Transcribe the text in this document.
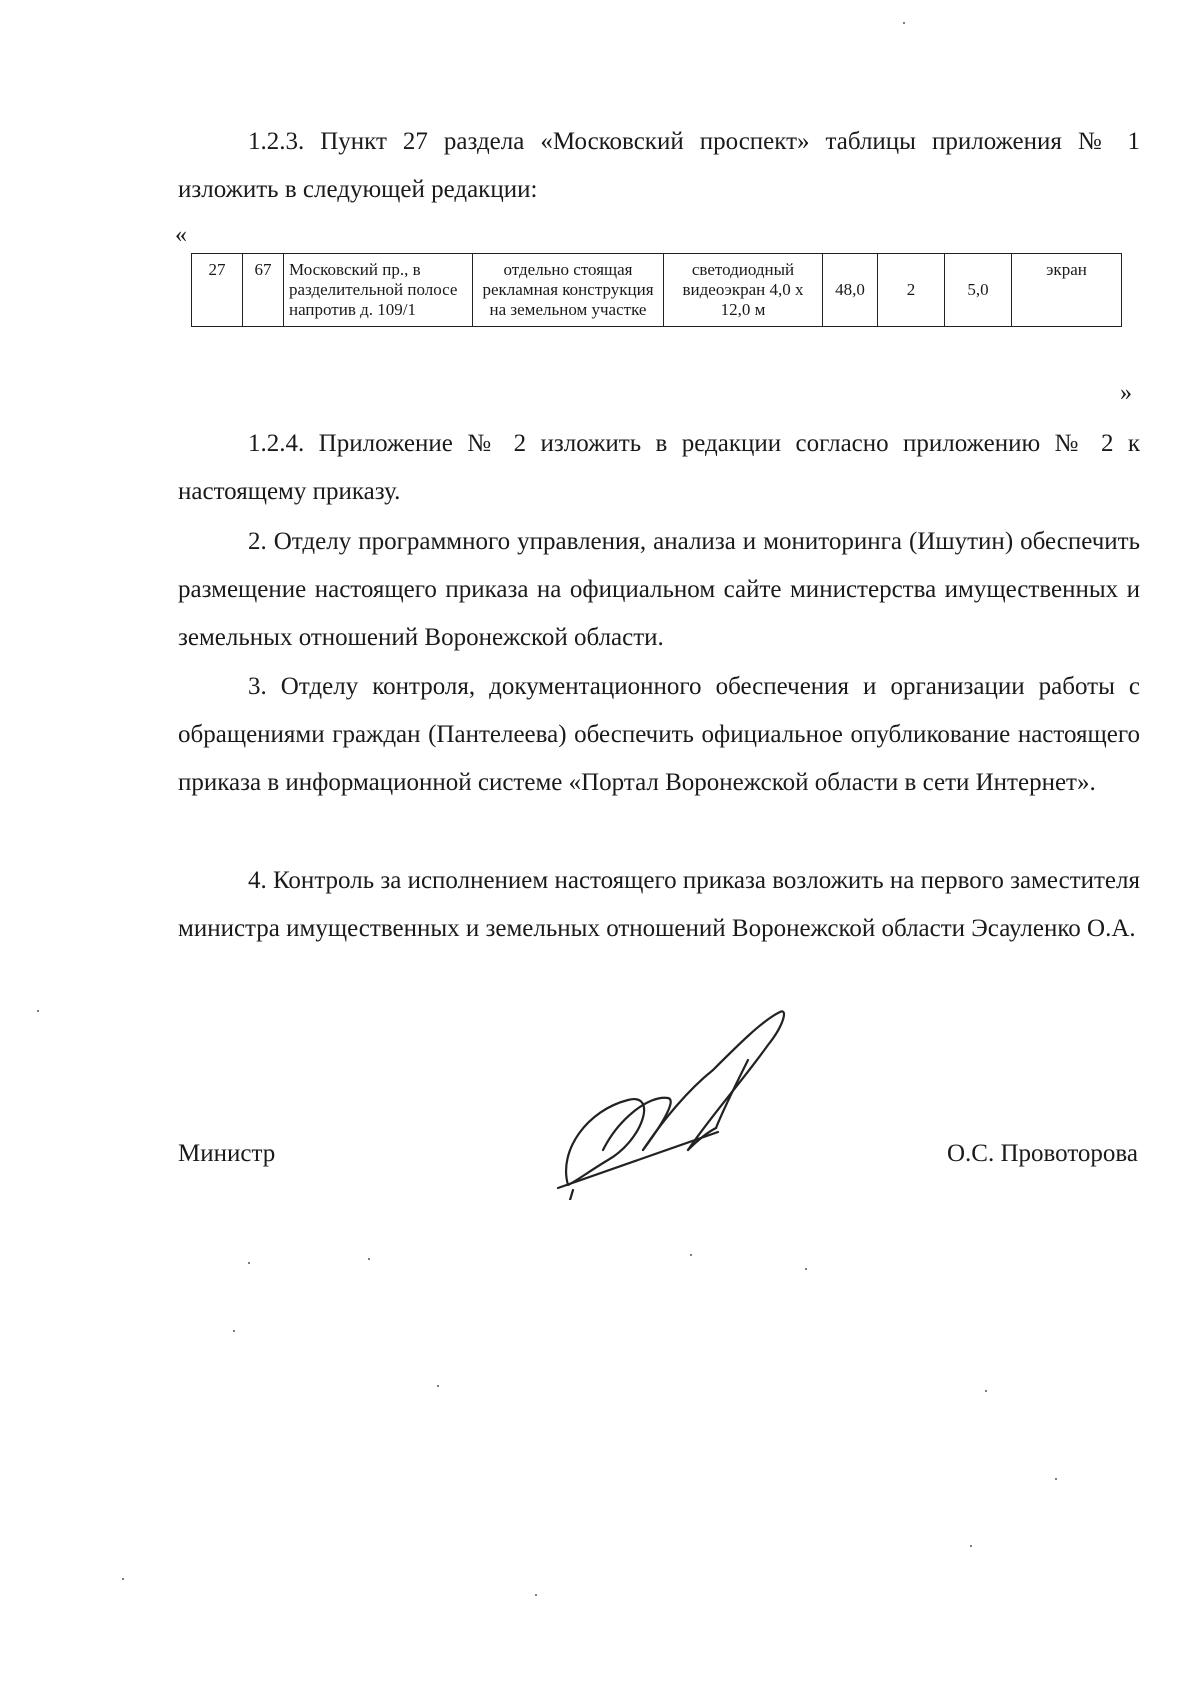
1.2.3. Пункт 27 раздела «Московский проспект» таблицы приложения № 1 изложить в следующей редакции:

«
27	67	Московский пр., в разделительной полосе напротив д. 109/1	отдельно стоящая рекламная конструкция на земельном участке	светодиодный видеоэкран 4,0 х 12,0 м	48,0	2	5,0	экран
»

1.2.4. Приложение № 2 изложить в редакции согласно приложению № 2 к настоящему приказу.

2. Отделу программного управления, анализа и мониторинга (Ишутин) обеспечить размещение настоящего приказа на официальном сайте министерства имущественных и земельных отношений Воронежской области.

3. Отделу контроля, документационного обеспечения и организации работы с обращениями граждан (Пантелеева) обеспечить официальное опубликование настоящего приказа в информационной системе «Портал Воронежской области в сети Интернет».

4. Контроль за исполнением настоящего приказа возложить на первого заместителя министра имущественных и земельных отношений Воронежской области Эсауленко О.А.

Министр	О.С. Провоторова
